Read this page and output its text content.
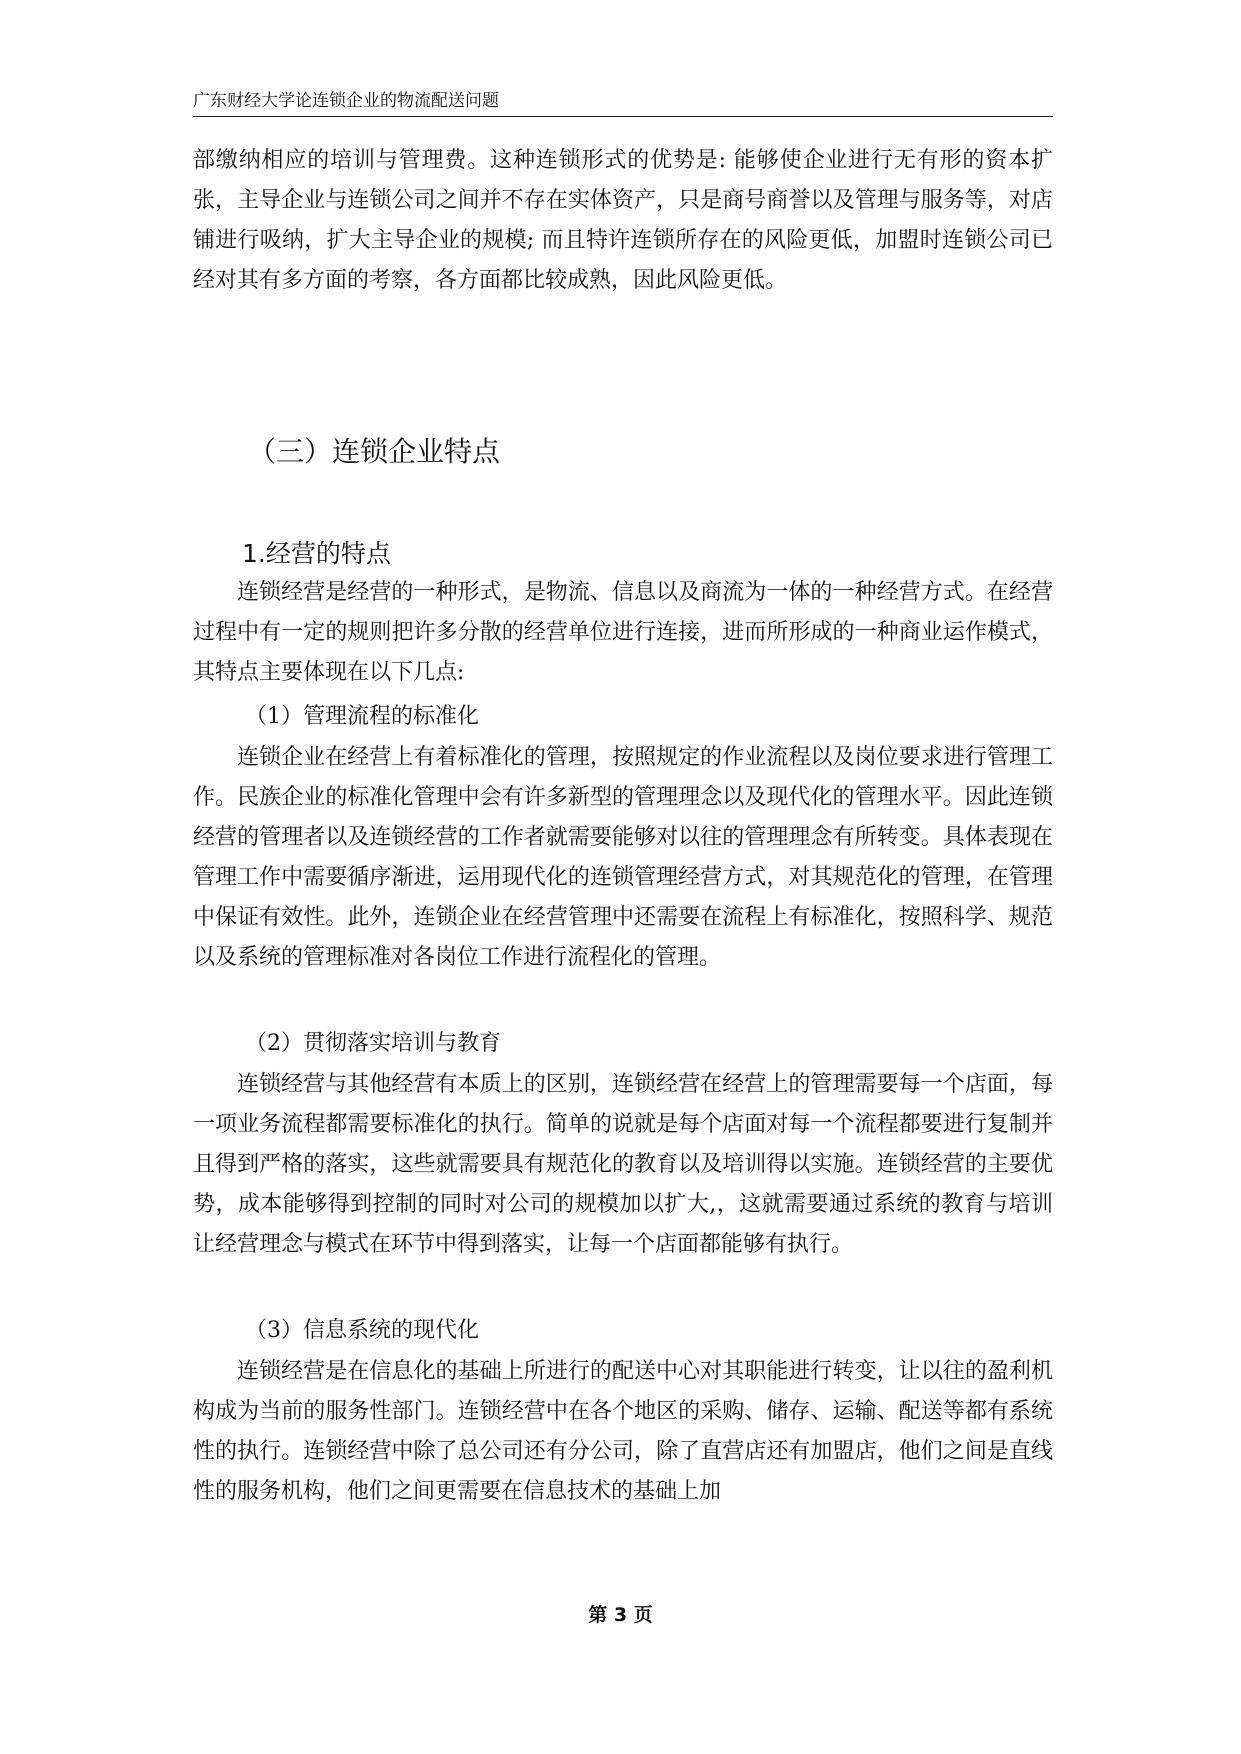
广东财经大学论连锁企业的物流配送问题

部缴纳相应的培训与管理费。这种连锁形式的优势是: 能够使企业进行无有形的资本扩张，主导企业与连锁公司之间并不存在实体资产，只是商号商誉以及管理与服务等，对店铺进行吸纳，扩大主导企业的规模; 而且特许连锁所存在的风险更低，加盟时连锁公司已经对其有多方面的考察，各方面都比较成熟，因此风险更低。

（三）连锁企业特点
1.经营的特点

连锁经营是经营的一种形式，是物流、信息以及商流为一体的一种经营方式。在经营过程中有一定的规则把许多分散的经营单位进行连接，进而所形成的一种商业运作模式，其特点主要体现在以下几点:

（1）管理流程的标准化

连锁企业在经营上有着标准化的管理，按照规定的作业流程以及岗位要求进行管理工作。民族企业的标准化管理中会有许多新型的管理理念以及现代化的管理水平。因此连锁经营的管理者以及连锁经营的工作者就需要能够对以往的管理理念有所转变。具体表现在管理工作中需要循序渐进，运用现代化的连锁管理经营方式，对其规范化的管理，在管理中保证有效性。此外，连锁企业在经营管理中还需要在流程上有标准化，按照科学、规范以及系统的管理标准对各岗位工作进行流程化的管理。

（2）贯彻落实培训与教育

连锁经营与其他经营有本质上的区别，连锁经营在经营上的管理需要每一个店面，每一项业务流程都需要标准化的执行。简单的说就是每个店面对每一个流程都要进行复制并且得到严格的落实，这些就需要具有规范化的教育以及培训得以实施。连锁经营的主要优势，成本能够得到控制的同时对公司的规模加以扩大,，这就需要通过系统的教育与培训让经营理念与模式在环节中得到落实，让每一个店面都能够有执行。

（3）信息系统的现代化

连锁经营是在信息化的基础上所进行的配送中心对其职能进行转变，让以往的盈利机构成为当前的服务性部门。连锁经营中在各个地区的采购、储存、运输、配送等都有系统性的执行。连锁经营中除了总公司还有分公司，除了直营店还有加盟店，他们之间是直线性的服务机构，他们之间更需要在信息技术的基础上加

第 3 页
